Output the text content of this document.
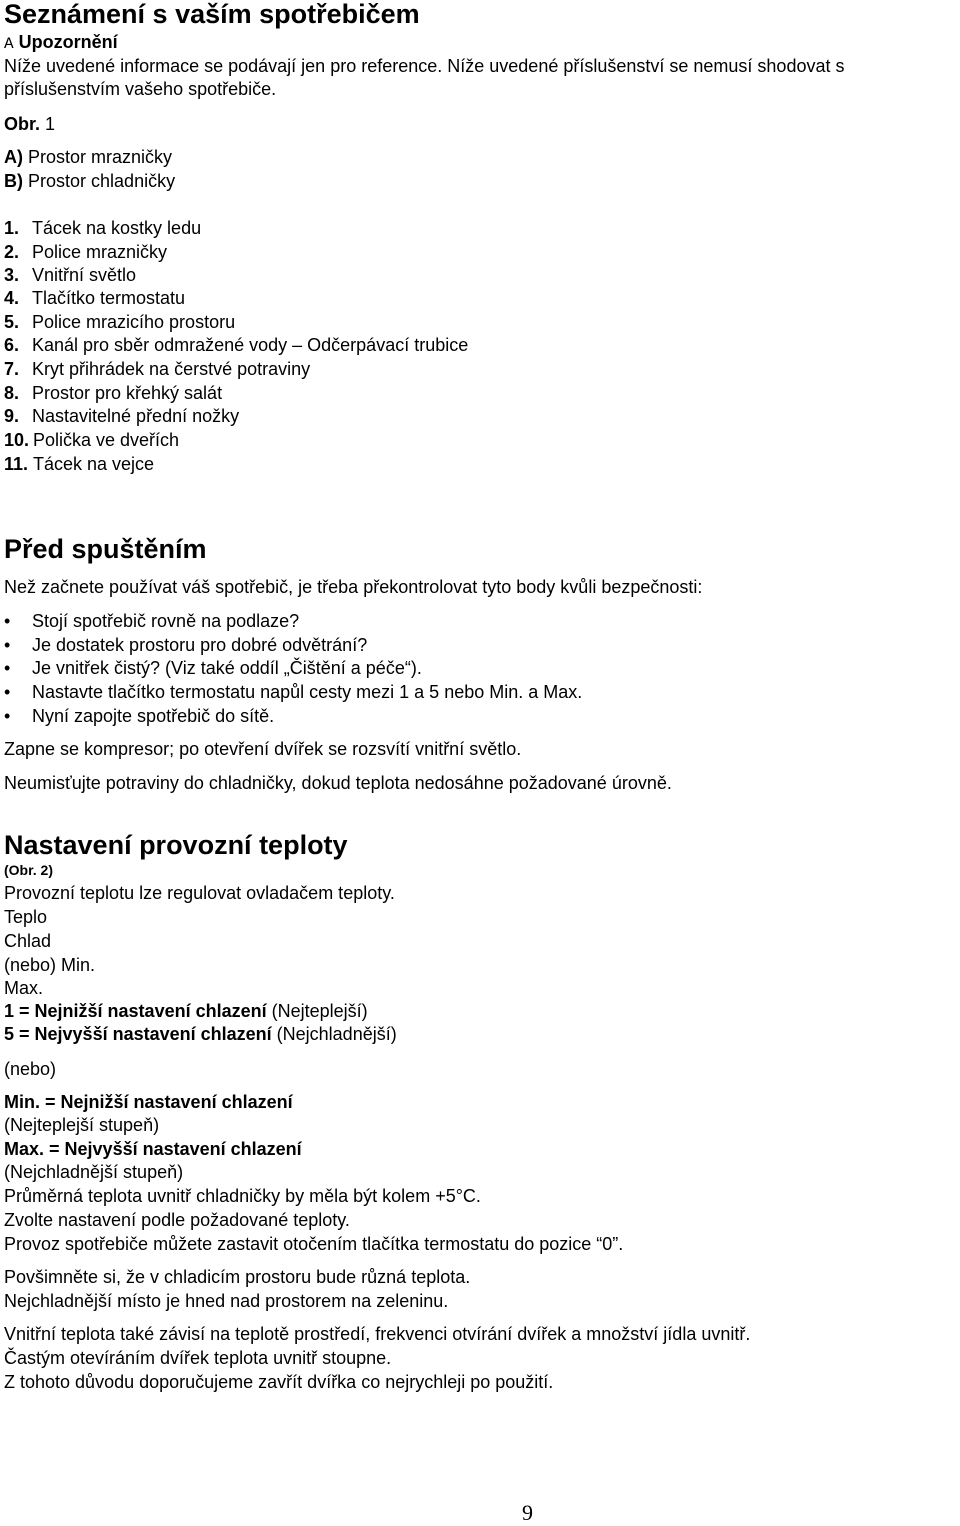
Seznámení s vaším spotřebičem
A Upozornění
Níže uvedené informace se podávají jen pro reference. Níže uvedené příslušenství se nemusí shodovat s
příslušenstvím vašeho spotřebiče.
Obr. 1
A) Prostor mrazničky
B) Prostor chladničky
1. Tácek na kostky ledu
2. Police mrazničky
3. Vnitřní světlo
4. Tlačítko termostatu
5. Police mrazicího prostoru
6. Kanál pro sběr odmražené vody – Odčerpávací trubice
7. Kryt přihrádek na čerstvé potraviny
8. Prostor pro křehký salát
9. Nastavitelné přední nožky
10. Polička ve dveřích
11. Tácek na vejce
Před spuštěním
Než začnete používat váš spotřebič, je třeba překontrolovat tyto body kvůli bezpečnosti:
• Stojí spotřebič rovně na podlaze?
• Je dostatek prostoru pro dobré odvětrání?
• Je vnitřek čistý? (Viz také oddíl „Čištění a péče“).
• Nastavte tlačítko termostatu napůl cesty mezi 1 a 5 nebo Min. a Max.
• Nyní zapojte spotřebič do sítě.
Zapne se kompresor; po otevření dvířek se rozsvítí vnitřní světlo.
Neumisťujte potraviny do chladničky, dokud teplota nedosáhne požadované úrovně.
Nastavení provozní teploty
(Obr. 2)
Provozní teplotu lze regulovat ovladačem teploty.
Teplo
Chlad
(nebo) Min.
Max.
1 = Nejnižší nastavení chlazení (Nejteplejší)
5 = Nejvyšší nastavení chlazení (Nejchladnější)
(nebo)
Min. = Nejnižší nastavení chlazení
(Nejteplejší stupeň)
Max. = Nejvyšší nastavení chlazení
(Nejchladnější stupeň)
Průměrná teplota uvnitř chladničky by měla být kolem +5°C.
Zvolte nastavení podle požadované teploty.
Provoz spotřebiče můžete zastavit otočením tlačítka termostatu do pozice “0”.
Povšimněte si, že v chladicím prostoru bude různá teplota.
Nejchladnější místo je hned nad prostorem na zeleninu.
Vnitřní teplota také závisí na teplotě prostředí, frekvenci otvírání dvířek a množství jídla uvnitř.
Častým otevíráním dvířek teplota uvnitř stoupne.
Z tohoto důvodu doporučujeme zavřít dvířka co nejrychleji po použití.
9
